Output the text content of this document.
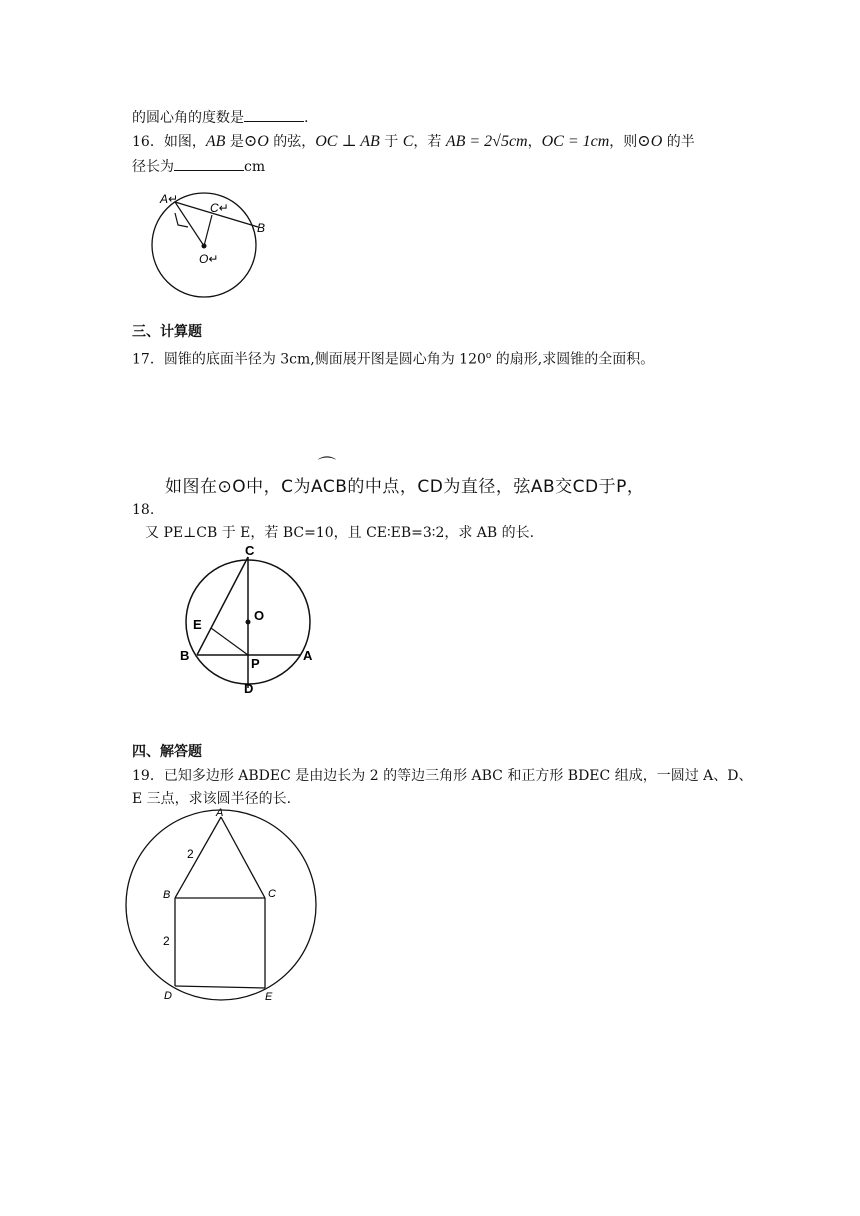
的圆心角的度数是	.
16．如图，AB 是⊙O 的弦，OC ⊥ AB 于 C，若 AB = 2√5cm，OC = 1cm，则⊙O 的半
径长为	cm
A↵
C↵
B
O↵
三、计算题
17．圆锥的底面半径为 3cm,侧面展开图是圆心角为 120$^o$ 的扇形,求圆锥的全面积。
⌒
如图在⊙O中，C为ACB的中点，CD为直径，弦AB交CD于P，
18.
又 PE⊥CB 于 E，若 BC=10，且 CE∶EB=3∶2，求 AB 的长.
C
O
E
B
P
A
D
四、解答题
19．已知多边形 ABDEC 是由边长为 2 的等边三角形 ABC 和正方形 BDEC 组成，一圆过 A、D、
E 三点，求该圆半径的长.
A
B	C
D	E
2
2
